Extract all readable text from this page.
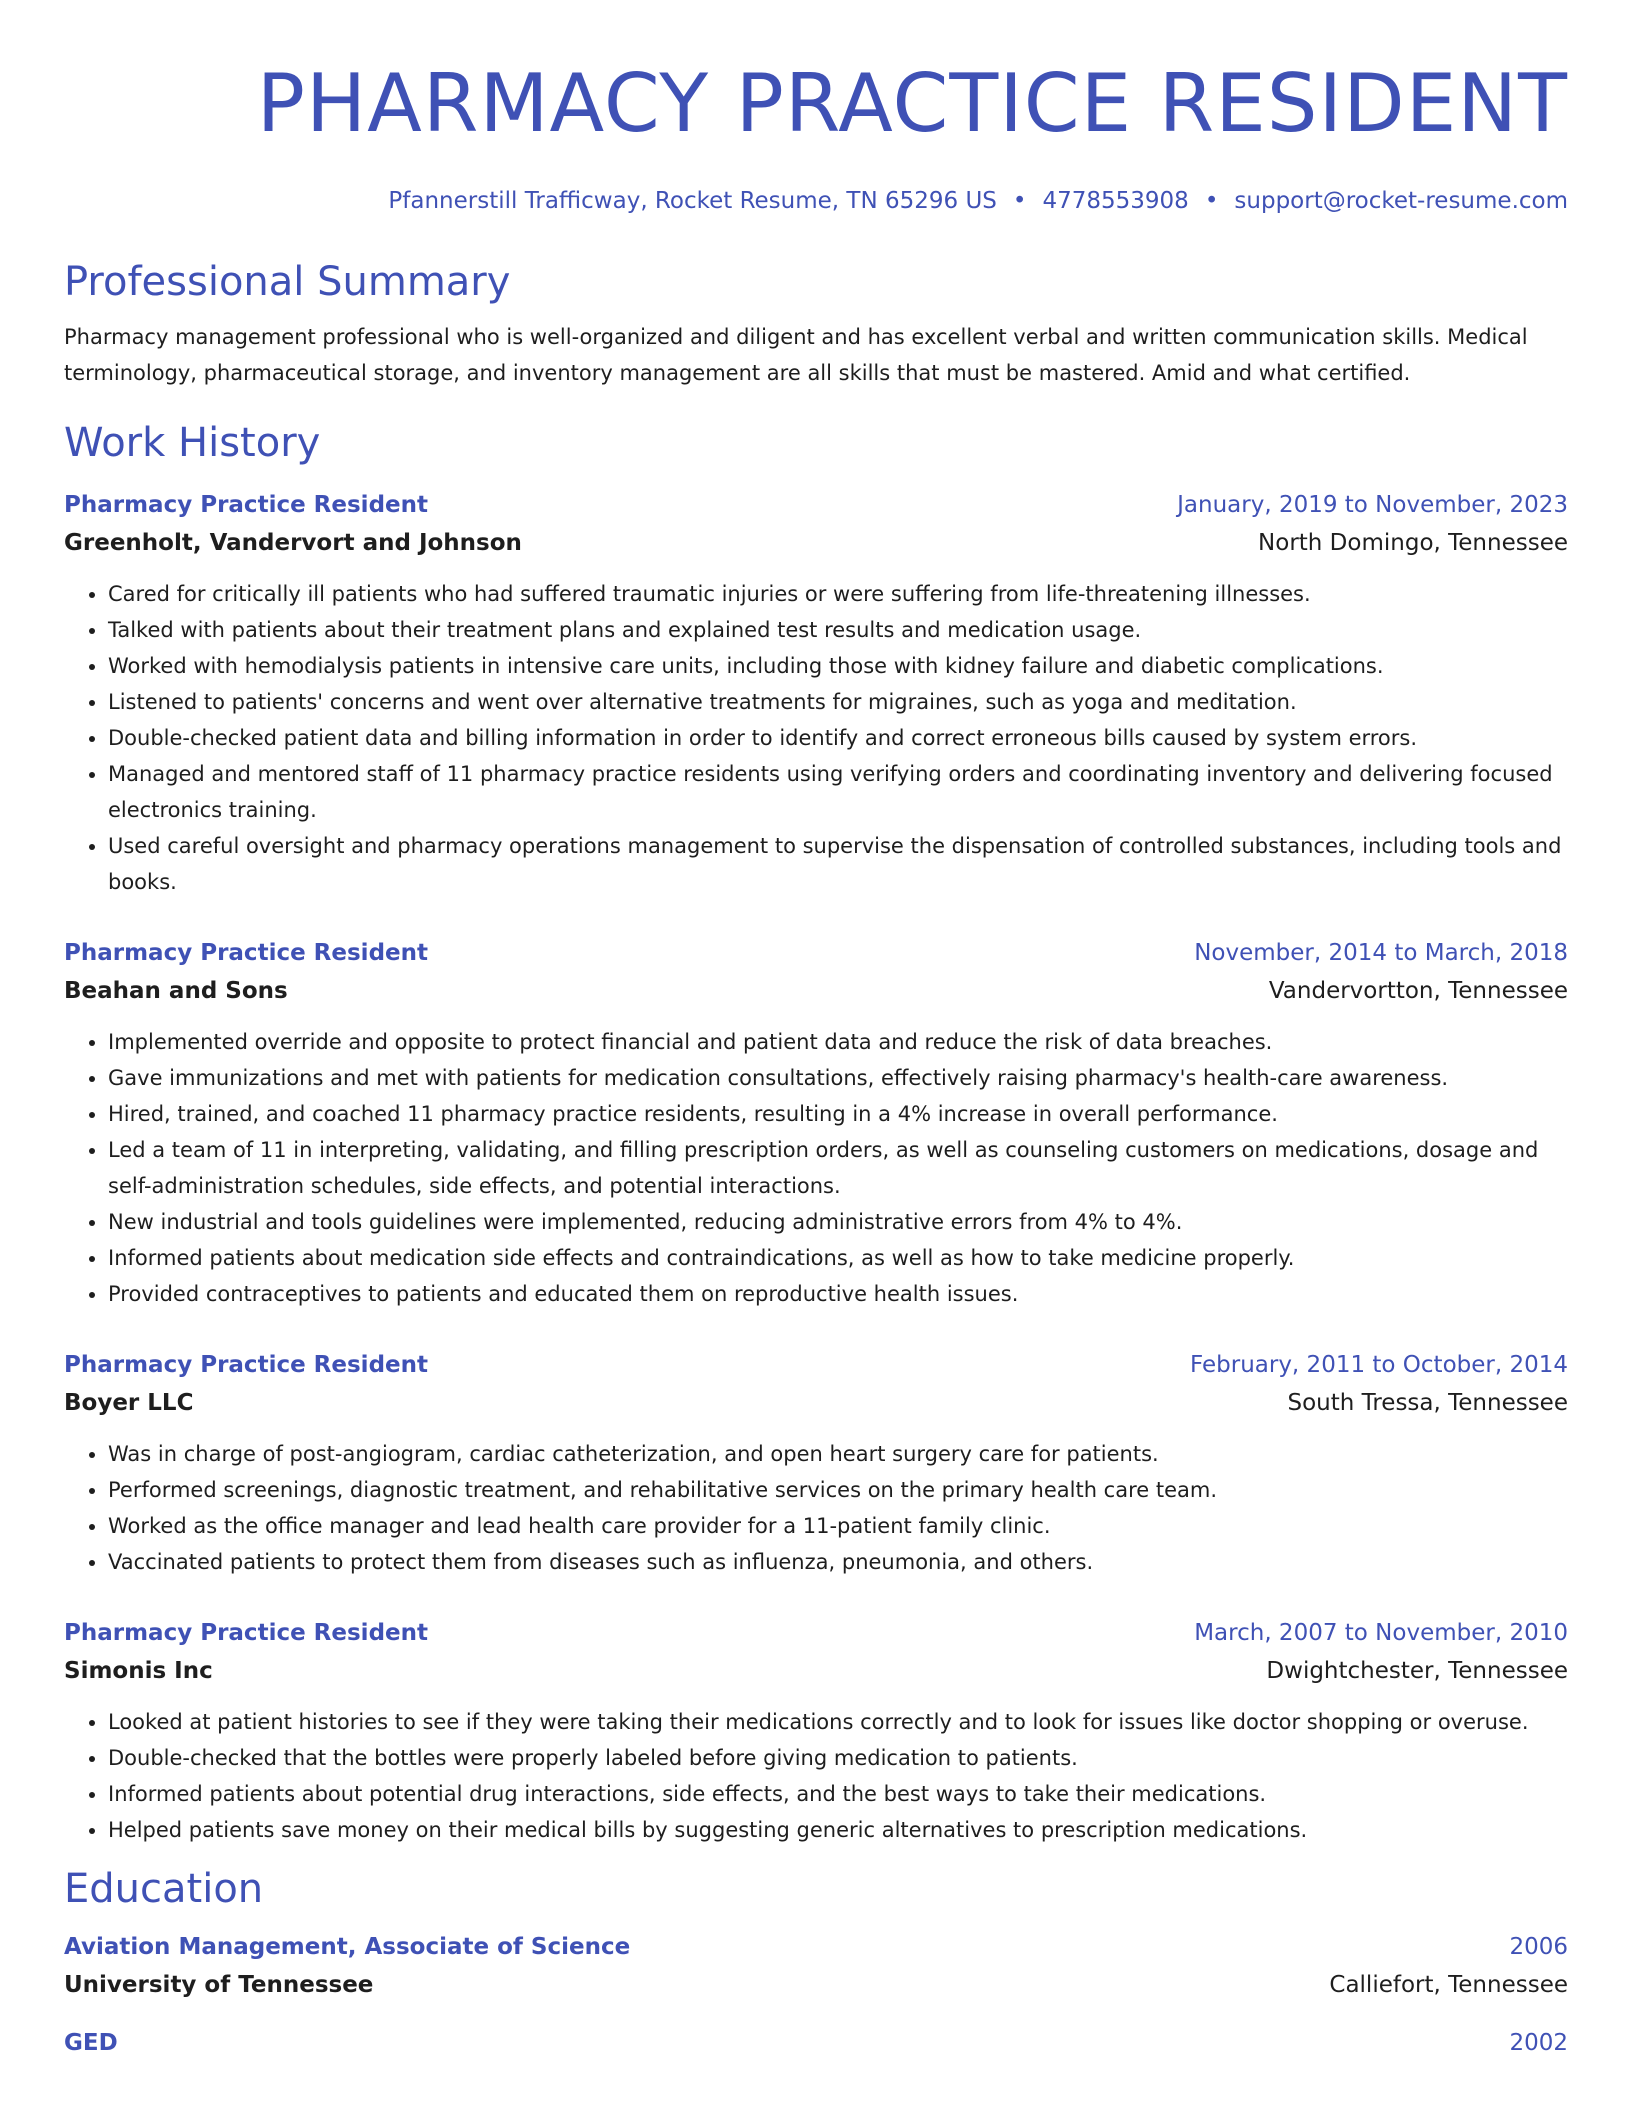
PHARMACY PRACTICE RESIDENT
Pfannerstill Trafficway, Rocket Resume, TN 65296 US • 4778553908 • support@rocket-resume.com
Professional Summary
Pharmacy management professional who is well-organized and diligent and has excellent verbal and written communication skills. Medical terminology, pharmaceutical storage, and inventory management are all skills that must be mastered. Amid and what certified.
Work History
Pharmacy Practice Resident	January, 2019 to November, 2023
Greenholt, Vandervort and Johnson	North Domingo, Tennessee
• Cared for critically ill patients who had suffered traumatic injuries or were suffering from life-threatening illnesses.
• Talked with patients about their treatment plans and explained test results and medication usage.
• Worked with hemodialysis patients in intensive care units, including those with kidney failure and diabetic complications.
• Listened to patients' concerns and went over alternative treatments for migraines, such as yoga and meditation.
• Double-checked patient data and billing information in order to identify and correct erroneous bills caused by system errors.
• Managed and mentored staff of 11 pharmacy practice residents using verifying orders and coordinating inventory and delivering focused electronics training.
• Used careful oversight and pharmacy operations management to supervise the dispensation of controlled substances, including tools and books.
Pharmacy Practice Resident	November, 2014 to March, 2018
Beahan and Sons	Vandervortton, Tennessee
• Implemented override and opposite to protect financial and patient data and reduce the risk of data breaches.
• Gave immunizations and met with patients for medication consultations, effectively raising pharmacy's health-care awareness.
• Hired, trained, and coached 11 pharmacy practice residents, resulting in a 4% increase in overall performance.
• Led a team of 11 in interpreting, validating, and filling prescription orders, as well as counseling customers on medications, dosage and self-administration schedules, side effects, and potential interactions.
• New industrial and tools guidelines were implemented, reducing administrative errors from 4% to 4%.
• Informed patients about medication side effects and contraindications, as well as how to take medicine properly.
• Provided contraceptives to patients and educated them on reproductive health issues.
Pharmacy Practice Resident	February, 2011 to October, 2014
Boyer LLC	South Tressa, Tennessee
• Was in charge of post-angiogram, cardiac catheterization, and open heart surgery care for patients.
• Performed screenings, diagnostic treatment, and rehabilitative services on the primary health care team.
• Worked as the office manager and lead health care provider for a 11-patient family clinic.
• Vaccinated patients to protect them from diseases such as influenza, pneumonia, and others.
Pharmacy Practice Resident	March, 2007 to November, 2010
Simonis Inc	Dwightchester, Tennessee
• Looked at patient histories to see if they were taking their medications correctly and to look for issues like doctor shopping or overuse.
• Double-checked that the bottles were properly labeled before giving medication to patients.
• Informed patients about potential drug interactions, side effects, and the best ways to take their medications.
• Helped patients save money on their medical bills by suggesting generic alternatives to prescription medications.
Education
Aviation Management, Associate of Science	2006
University of Tennessee	Calliefort, Tennessee
GED	2002
